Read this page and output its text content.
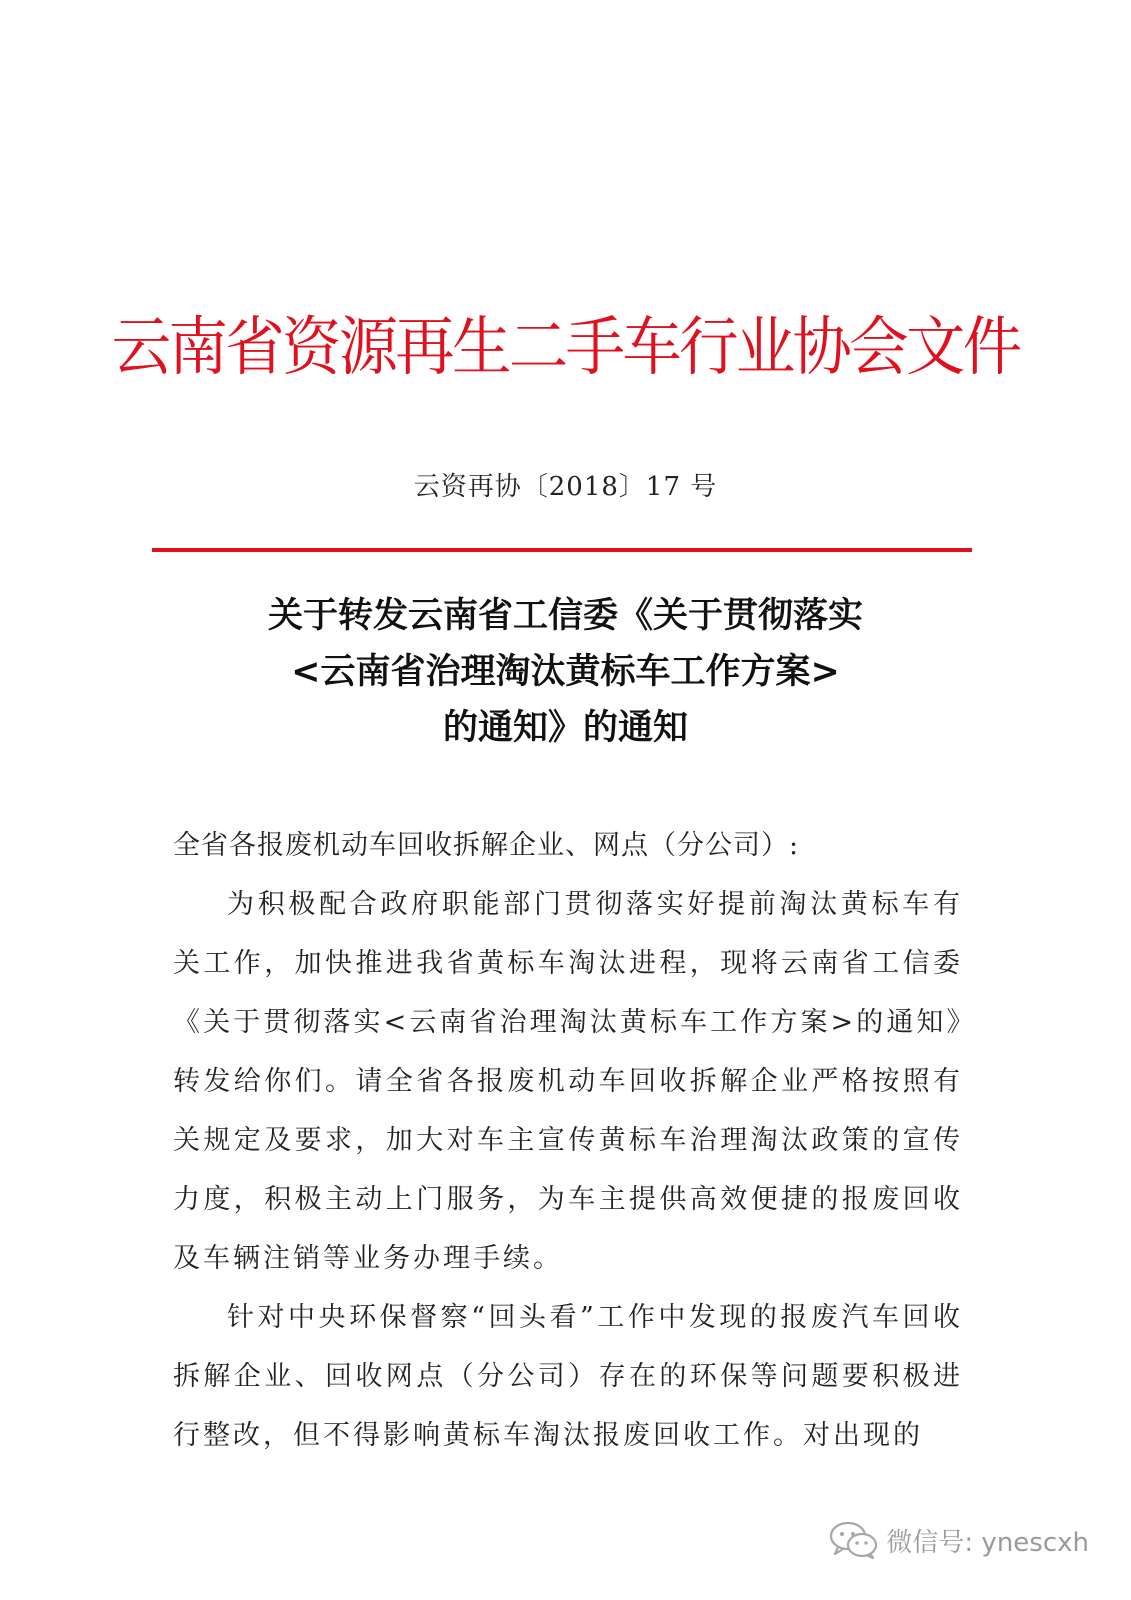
云南省资源再生二手车行业协会文件
云资再协〔2018〕17 号
关于转发云南省工信委《关于贯彻落实
<云南省治理淘汰黄标车工作方案>
的通知》的通知

全省各报废机动车回收拆解企业、网点（分公司）:

为积极配合政府职能部门贯彻落实好提前淘汰黄标车有关工作，加快推进我省黄标车淘汰进程，现将云南省工信委《关于贯彻落实<云南省治理淘汰黄标车工作方案>的通知》转发给你们。请全省各报废机动车回收拆解企业严格按照有关规定及要求，加大对车主宣传黄标车治理淘汰政策的宣传力度，积极主动上门服务，为车主提供高效便捷的报废回收及车辆注销等业务办理手续。

针对中央环保督察“回头看”工作中发现的报废汽车回收拆解企业、回收网点（分公司）存在的环保等问题要积极进行整改，但不得影响黄标车淘汰报废回收工作。对出现的

微信号: ynescxh
